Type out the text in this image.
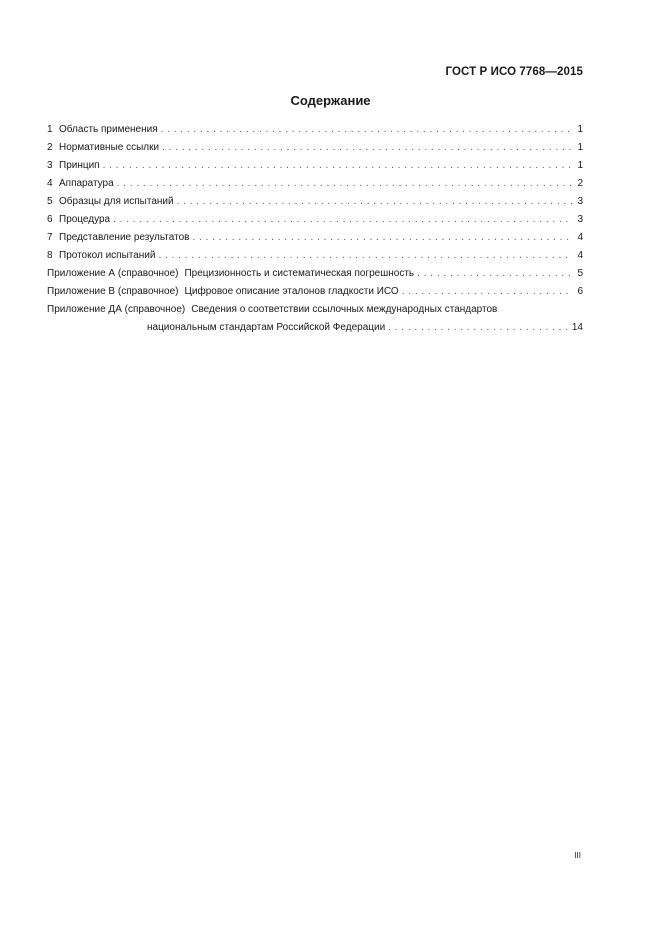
ГОСТ Р ИСО 7768—2015
Содержание
1 Область применения . . .	1
2 Нормативные ссылки . . .	1
3 Принцип . . .	1
4 Аппаратура . . .	2
5 Образцы для испытаний . . .	3
6 Процедура . . .	3
7 Представление результатов . . .	4
8 Протокол испытаний . . .	4
Приложение А (справочное) Прецизионность и систематическая погрешность . . .	5
Приложение В (справочное) Цифровое описание эталонов гладкости ИСО . . .	6
Приложение ДА (справочное) Сведения о соответствии ссылочных международных стандартов
национальным стандартам Российской Федерации . . .	14
III
